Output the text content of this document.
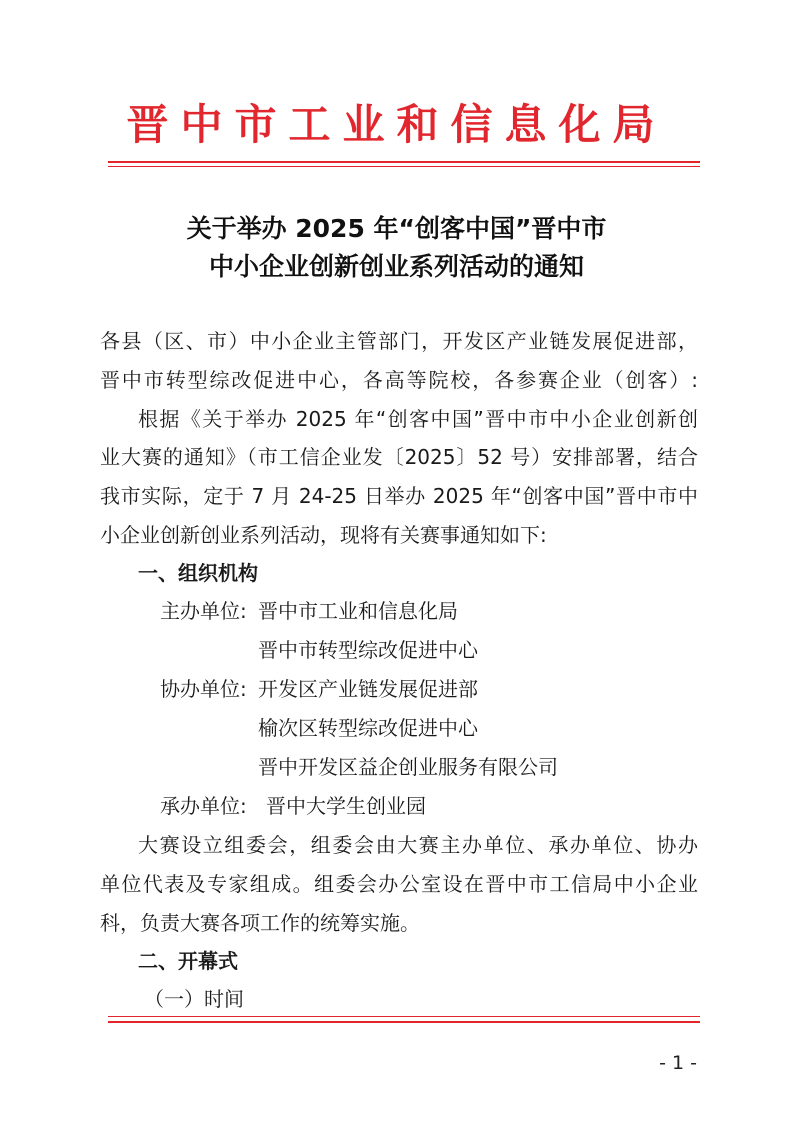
晋中市工业和信息化局
关于举办 2025 年“创客中国”晋中市
中小企业创新创业系列活动的通知
各县（区、市）中小企业主管部门，开发区产业链发展促进部，
晋中市转型综改促进中心，各高等院校，各参赛企业（创客）:
根据《关于举办 2025 年“创客中国”晋中市中小企业创新创
业大赛的通知》（市工信企业发〔2025〕52 号）安排部署，结合
我市实际，定于 7 月 24-25 日举办 2025 年“创客中国”晋中市中
小企业创新创业系列活动，现将有关赛事通知如下:
一、组织机构
主办单位: 晋中市工业和信息化局
晋中市转型综改促进中心
协办单位: 开发区产业链发展促进部
榆次区转型综改促进中心
晋中开发区益企创业服务有限公司
承办单位: 晋中大学生创业园
大赛设立组委会，组委会由大赛主办单位、承办单位、协办
单位代表及专家组成。组委会办公室设在晋中市工信局中小企业
科，负责大赛各项工作的统筹实施。
二、开幕式
（一）时间
- 1 -
